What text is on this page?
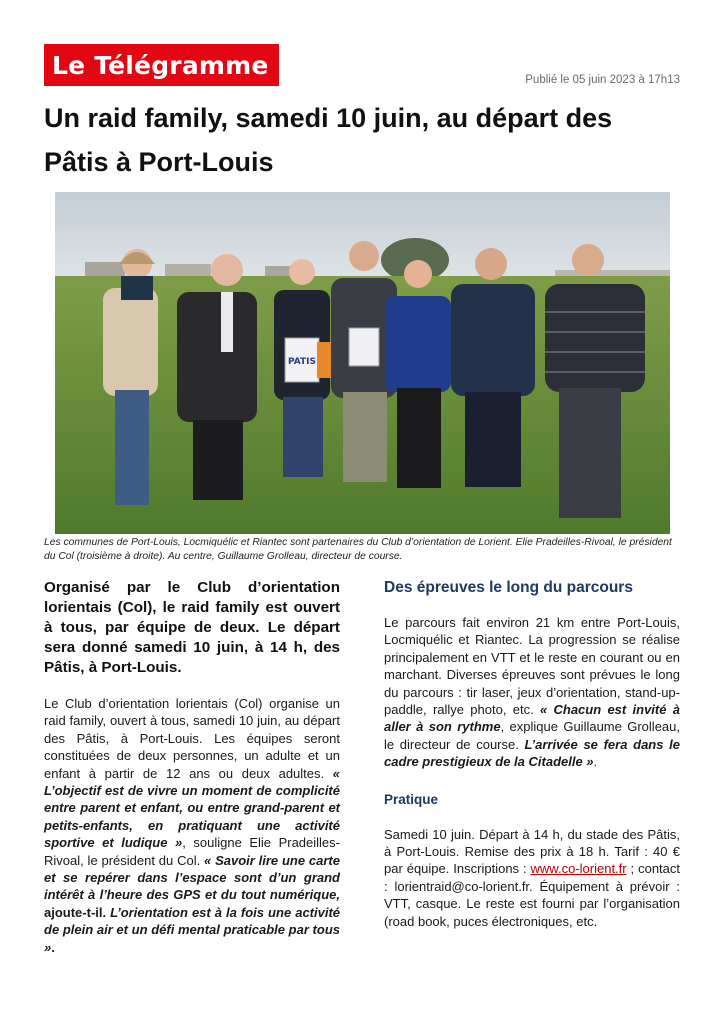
Le Télégramme
Publié le 05 juin 2023 à 17h13
Un raid family, samedi 10 juin, au départ des Pâtis à Port-Louis
PATIS

Les communes de Port-Louis, Locmiquélic et Riantec sont partenaires du Club d’orientation de Lorient. Elie Pradeilles-Rivoal, le président du Col (troisième à droite). Au centre, Guillaume Grolleau, directeur de course.

Organisé par le Club d’orientation lorientais (Col), le raid family est ouvert à tous, par équipe de deux. Le départ sera donné samedi 10 juin, à 14 h, des Pâtis, à Port-Louis.

Le Club d’orientation lorientais (Col) organise un raid family, ouvert à tous, samedi 10 juin, au départ des Pâtis, à Port-Louis. Les équipes seront constituées de deux personnes, un adulte et un enfant à partir de 12 ans ou deux adultes. « L’objectif est de vivre un moment de complicité entre parent et enfant, ou entre grand-parent et petits-enfants, en pratiquant une activité sportive et ludique », souligne Elie Pradeilles-Rivoal, le président du Col. « Savoir lire une carte et se repérer dans l’espace sont d’un grand intérêt à l’heure des GPS et du tout numérique, ajoute-t-il. L’orientation est à la fois une activité de plein air et un défi mental praticable par tous ».

Des épreuves le long du parcours

Le parcours fait environ 21 km entre Port-Louis, Locmiquélic et Riantec. La progression se réalise principalement en VTT et le reste en courant ou en marchant. Diverses épreuves sont prévues le long du parcours : tir laser, jeux d’orientation, stand-up-paddle, rallye photo, etc. « Chacun est invité à aller à son rythme, explique Guillaume Grolleau, le directeur de course. L’arrivée se fera dans le cadre prestigieux de la Citadelle ».

Pratique

Samedi 10 juin. Départ à 14 h, du stade des Pâtis, à Port-Louis. Remise des prix à 18 h. Tarif : 40 € par équipe. Inscriptions : www.co-lorient.fr ; contact : lorientraid@co-lorient.fr. Équipement à prévoir : VTT, casque. Le reste est fourni par l’organisation (road book, puces électroniques, etc.
